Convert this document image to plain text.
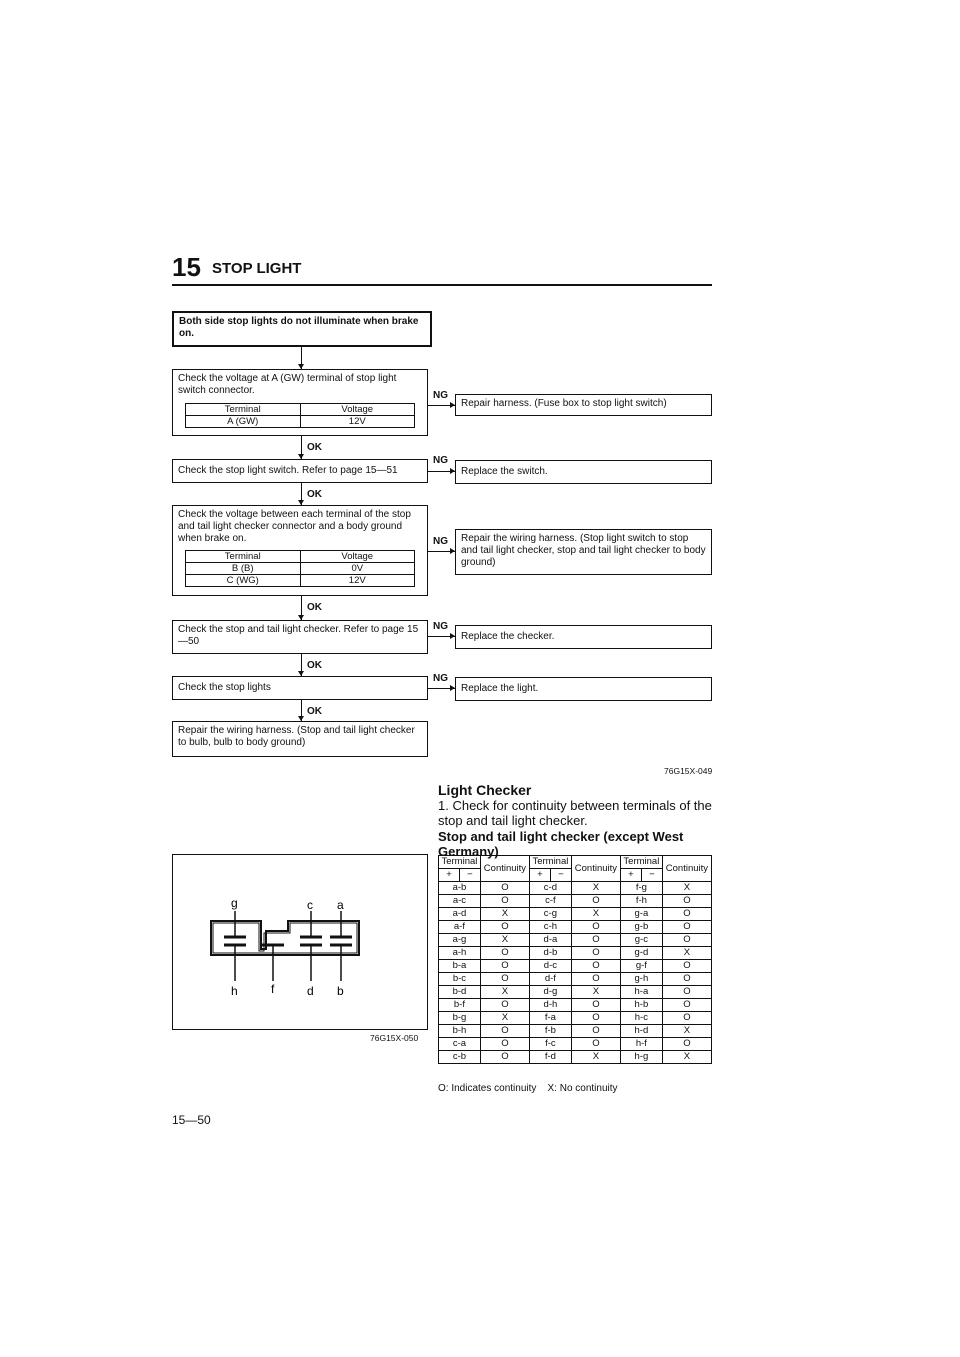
15 STOP LIGHT
Both side stop lights do not illuminate when brake on.
Check the voltage at A (GW) terminal of stop light switch connector.
Terminal	Voltage
A (GW)	12V
NG
Repair harness. (Fuse box to stop light switch)
OK
Check the stop light switch. Refer to page 15—51
NG
Replace the switch.
OK
Check the voltage between each terminal of the stop and tail light checker connector and a body ground when brake on.
Terminal	Voltage
B (B)	0V
C (WG)	12V
NG	Repair the wiring harness. (Stop light switch to stop and tail light checker, stop and tail light checker to body ground)
OK
Check the stop and tail light checker. Refer to page 15—50
NG
Replace the checker.
OK
Check the stop lights
NG
Replace the light.
OK
Repair the wiring harness. (Stop and tail light checker to bulb, bulb to body ground)
76G15X-049
Light Checker
1. Check for continuity between terminals of the stop and tail light checker.
Stop and tail light checker (except West Germany)
g	c a
h	f	d b
76G15X-050
Terminal		Continuity	Terminal		Continuity	Terminal		Continuity
+	−		+	−		+	−	
a-b		O	c-d		X	f-g		X
a-c		O	c-f		O	f-h		O
a-d		X	c-g		X	g-a		O
a-f		O	c-h		O	g-b		O
a-g		X	d-a		O	g-c		O
a-h		O	d-b		O	g-d		X
b-a		O	d-c		O	g-f		O
b-c		O	d-f		O	g-h		O
b-d		X	d-g		X	h-a		O
b-f		O	d-h		O	h-b		O
b-g		X	f-a		O	h-c		O
b-h		O	f-b		O	h-d		X
c-a		O	f-c		O	h-f		O
c-b		O	f-d		X	h-g		X
O: Indicates continuity    X: No continuity
15—50
